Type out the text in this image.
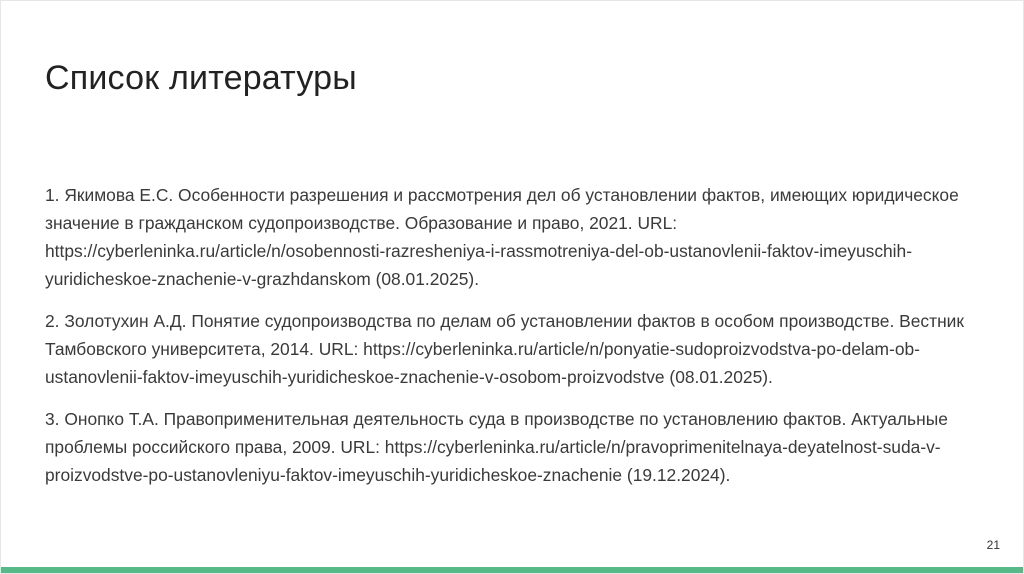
Список литературы
1. Якимова Е.С. Особенности разрешения и рассмотрения дел об установлении фактов, имеющих юридическое значение в гражданском судопроизводстве. Образование и право, 2021. URL: https://cyberleninka.ru/article/n/osobennosti-razresheniya-i-rassmotreniya-del-ob-ustanovlenii-faktov-imeyuschih-yuridicheskoe-znachenie-v-grazhdanskom (08.01.2025).
2. Золотухин А.Д. Понятие судопроизводства по делам об установлении фактов в особом производстве. Вестник Тамбовского университета, 2014. URL: https://cyberleninka.ru/article/n/ponyatie-sudoproizvodstva-po-delam-ob-ustanovlenii-faktov-imeyuschih-yuridicheskoe-znachenie-v-osobom-proizvodstve (08.01.2025).
3. Онопко Т.А. Правоприменительная деятельность суда в производстве по установлению фактов. Актуальные проблемы российского права, 2009. URL: https://cyberleninka.ru/article/n/pravoprimenitelnaya-deyatelnost-suda-v-proizvodstve-po-ustanovleniyu-faktov-imeyuschih-yuridicheskoe-znachenie (19.12.2024).
21
